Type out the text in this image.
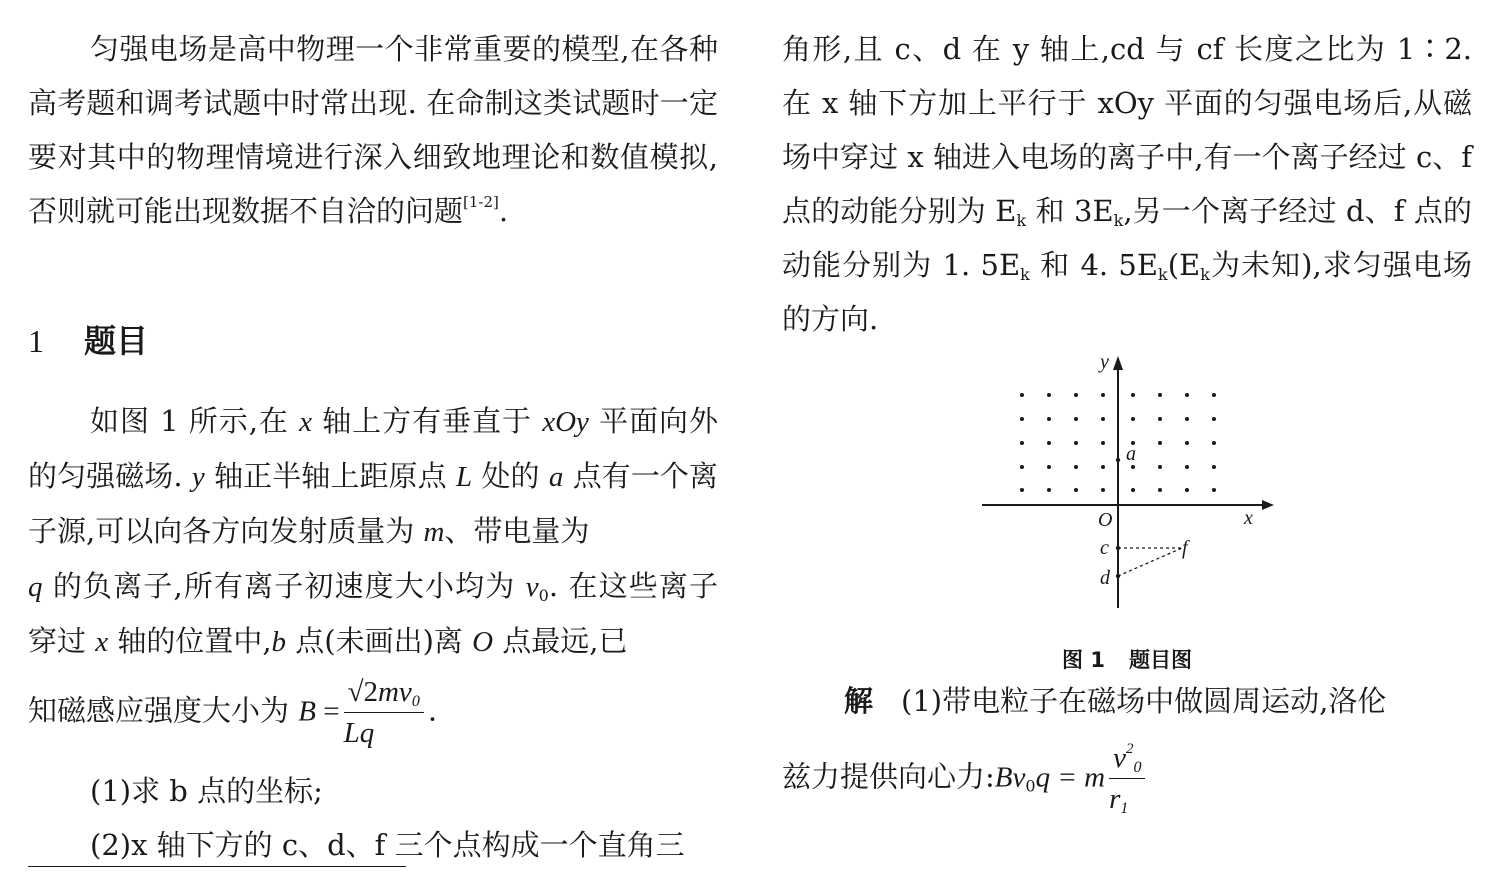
匀强电场是高中物理一个非常重要的模型,在各种高考题和调考试题中时常出现. 在命制这类试题时一定要对其中的物理情境进行深入细致地理论和数值模拟,否则就可能出现数据不自洽的问题[1-2].

1 题目

如图 1 所示,在 x 轴上方有垂直于 xOy 平面向外的匀强磁场. y 轴正半轴上距原点 L 处的 a 点有一个离子源,可以向各方向发射质量为 m、带电量为
q 的负离子,所有离子初速度大小均为 $v_0$. 在这些离子穿过 x 轴的位置中,b 点(未画出)离 O 点最远,已

知磁感应强度大小为 $B = \frac{√2mv_0}{Lq}$ .

(1)求 b 点的坐标;

(2)x 轴下方的 c、d、f 三个点构成一个直角三

角形,且 c、d 在 y 轴上,cd 与 cf 长度之比为 1∶2. 在 x 轴下方加上平行于 xOy 平面的匀强电场后,从磁场中穿过 x 轴进入电场的离子中,有一个离子经过 c、f 点的动能分别为 $E_k$ 和 $3E_k$,另一个离子经过 d、f 点的动能分别为 1. $5E_k$ 和 4. $5E_k(E_k$为未知),求匀强电场的方向.

y
x
O
a
c
d
f
图 1 题目图

解 (1)带电粒子在磁场中做圆周运动,洛伦

兹力提供向心力$:Bv_0q = m \frac{v^2_0}{r_1}$
